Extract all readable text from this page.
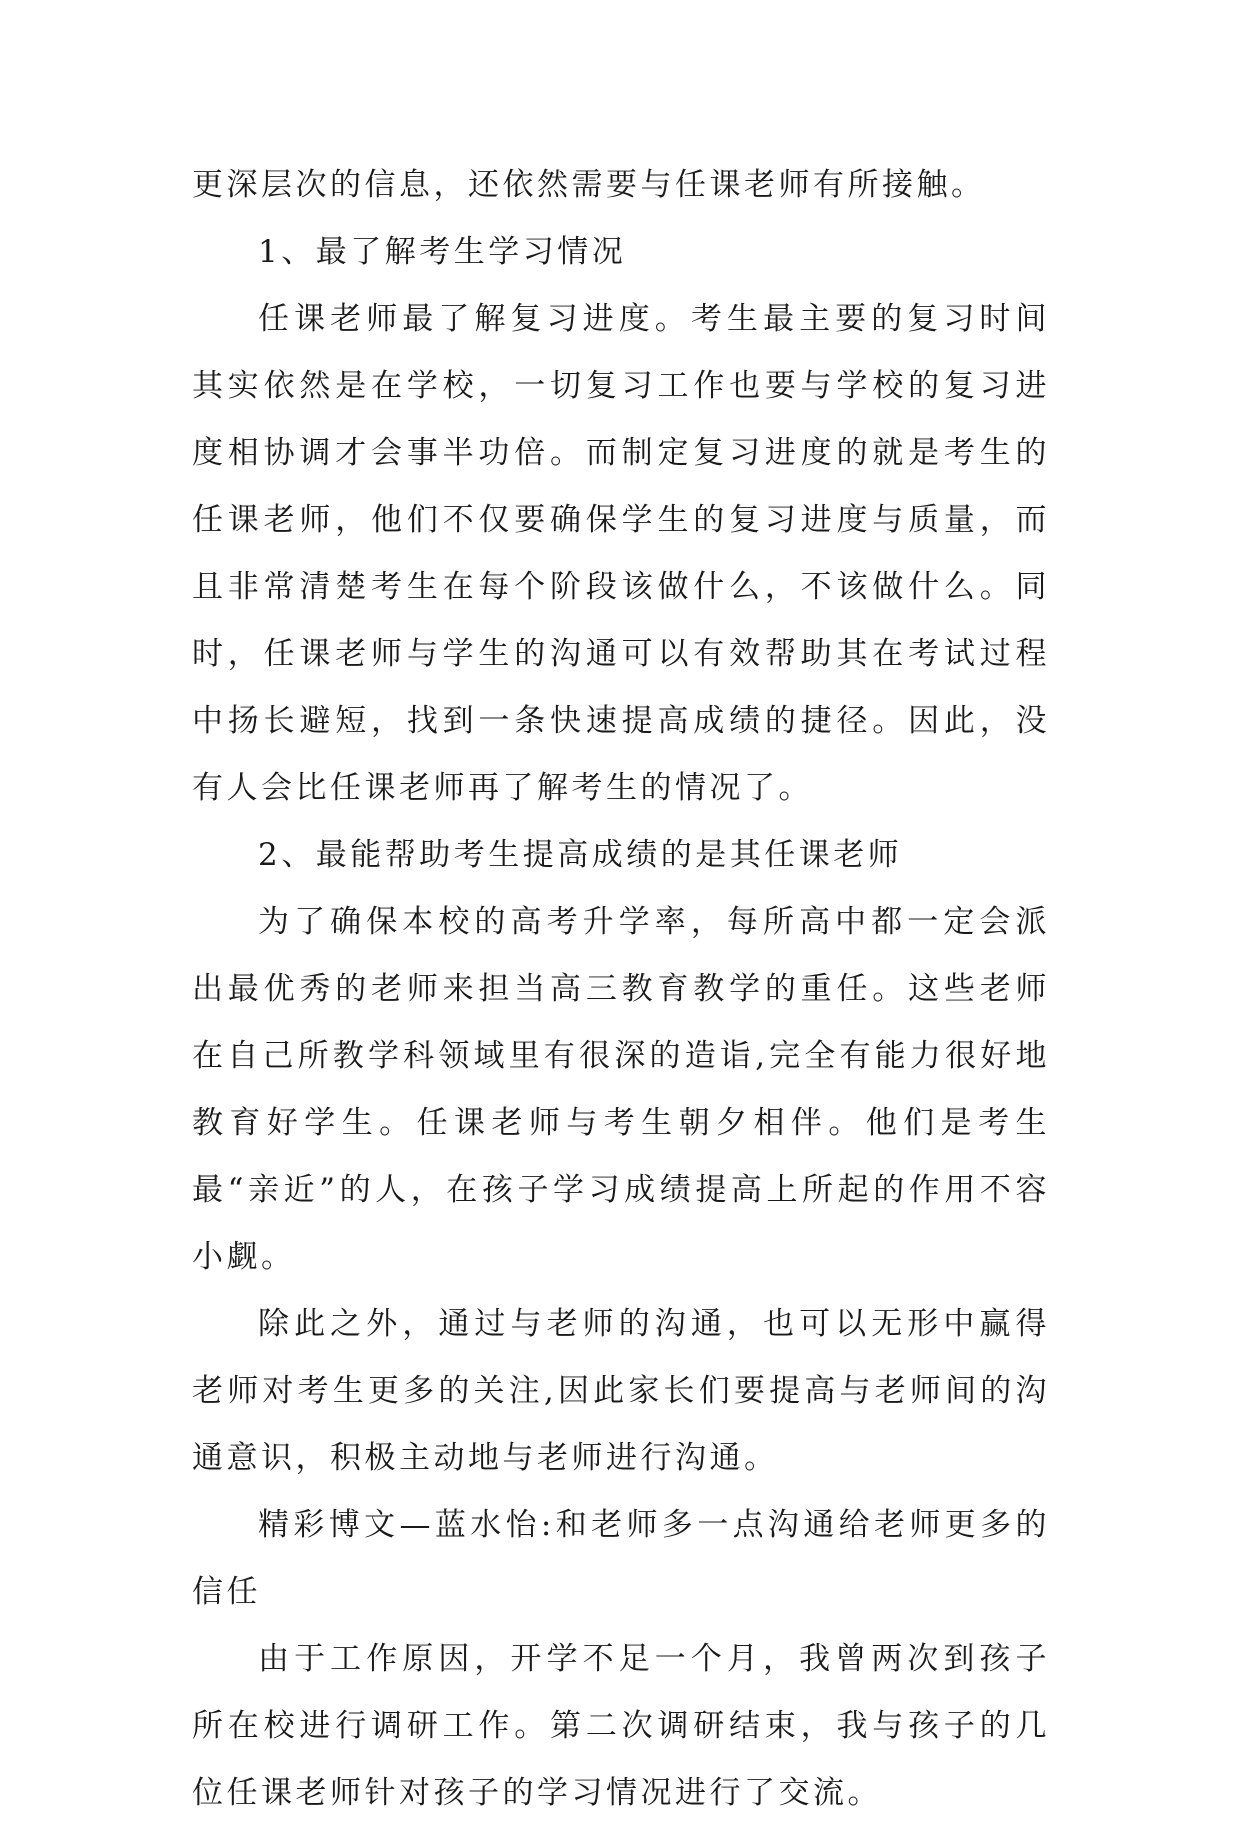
更深层次的信息，还依然需要与任课老师有所接触。

1、最了解考生学习情况

任课老师最了解复习进度。考生最主要的复习时间其实依然是在学校，一切复习工作也要与学校的复习进度相协调才会事半功倍。而制定复习进度的就是考生的任课老师，他们不仅要确保学生的复习进度与质量，而且非常清楚考生在每个阶段该做什么，不该做什么。同时，任课老师与学生的沟通可以有效帮助其在考试过程中扬长避短，找到一条快速提高成绩的捷径。因此，没有人会比任课老师再了解考生的情况了。

2、最能帮助考生提高成绩的是其任课老师

为了确保本校的高考升学率，每所高中都一定会派出最优秀的老师来担当高三教育教学的重任。这些老师在自己所教学科领域里有很深的造诣,完全有能力很好地教育好学生。任课老师与考生朝夕相伴。他们是考生最“亲近”的人，在孩子学习成绩提高上所起的作用不容小觑。

除此之外，通过与老师的沟通，也可以无形中赢得老师对考生更多的关注,因此家长们要提高与老师间的沟通意识，积极主动地与老师进行沟通。

精彩博文—蓝水怡:和老师多一点沟通给老师更多的信任

由于工作原因，开学不足一个月，我曾两次到孩子所在校进行调研工作。第二次调研结束，我与孩子的几位任课老师针对孩子的学习情况进行了交流。
